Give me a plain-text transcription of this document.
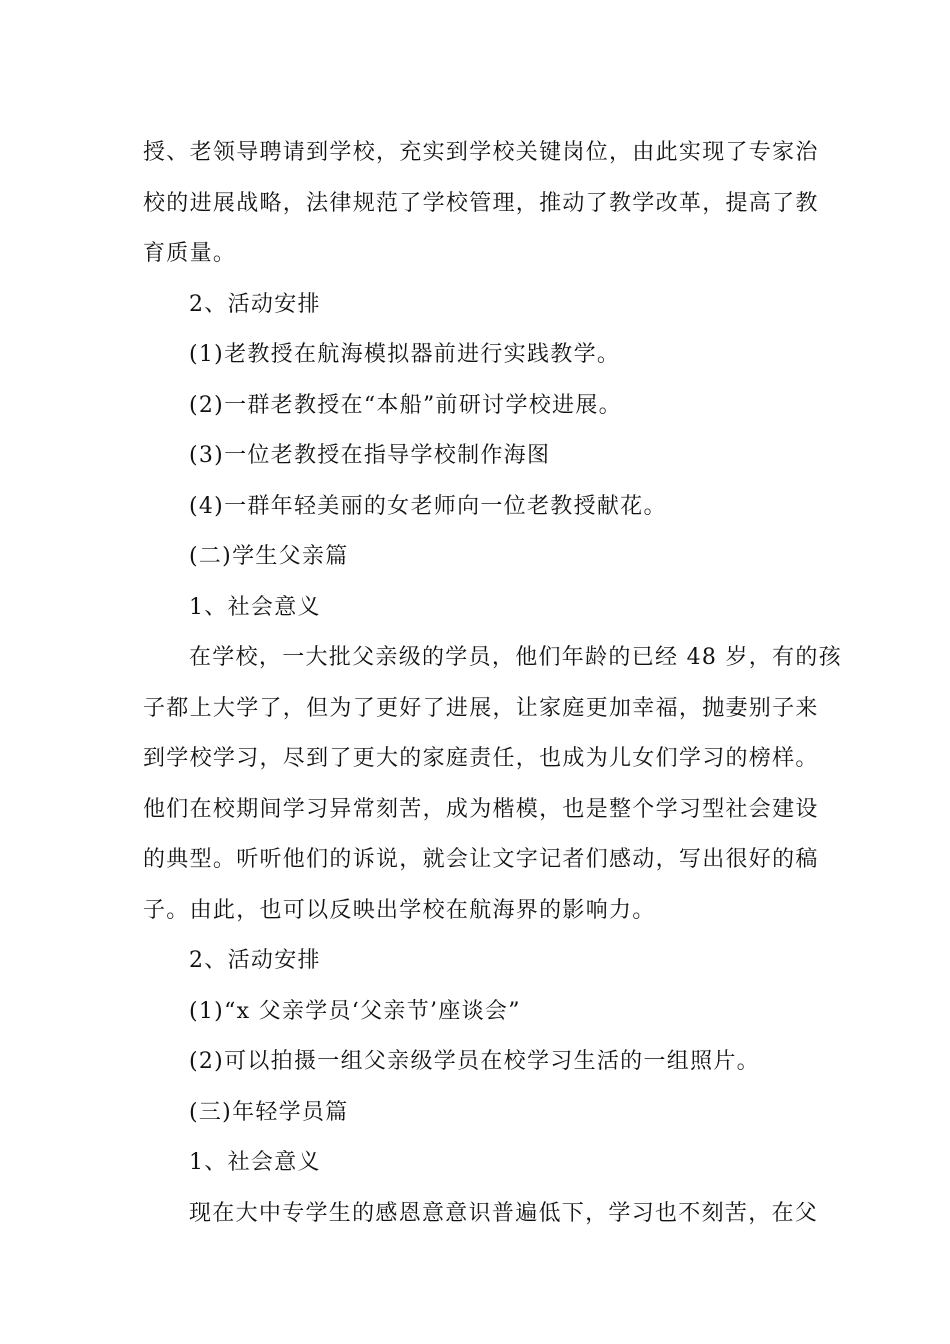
授、老领导聘请到学校，充实到学校关键岗位，由此实现了专家治

校的进展战略，法律规范了学校管理，推动了教学改革，提高了教

育质量。

2、活动安排

(1)老教授在航海模拟器前进行实践教学。

(2)一群老教授在“本船”前研讨学校进展。

(3)一位老教授在指导学校制作海图

(4)一群年轻美丽的女老师向一位老教授献花。

(二)学生父亲篇

1、社会意义

在学校，一大批父亲级的学员，他们年龄的已经 48 岁，有的孩

子都上大学了，但为了更好了进展，让家庭更加幸福，抛妻别子来

到学校学习，尽到了更大的家庭责任，也成为儿女们学习的榜样。

他们在校期间学习异常刻苦，成为楷模，也是整个学习型社会建设

的典型。听听他们的诉说，就会让文字记者们感动，写出很好的稿

子。由此，也可以反映出学校在航海界的影响力。

2、活动安排

(1)“x 父亲学员‘父亲节’座谈会”

(2)可以拍摄一组父亲级学员在校学习生活的一组照片。

(三)年轻学员篇

1、社会意义

现在大中专学生的感恩意意识普遍低下，学习也不刻苦，在父
